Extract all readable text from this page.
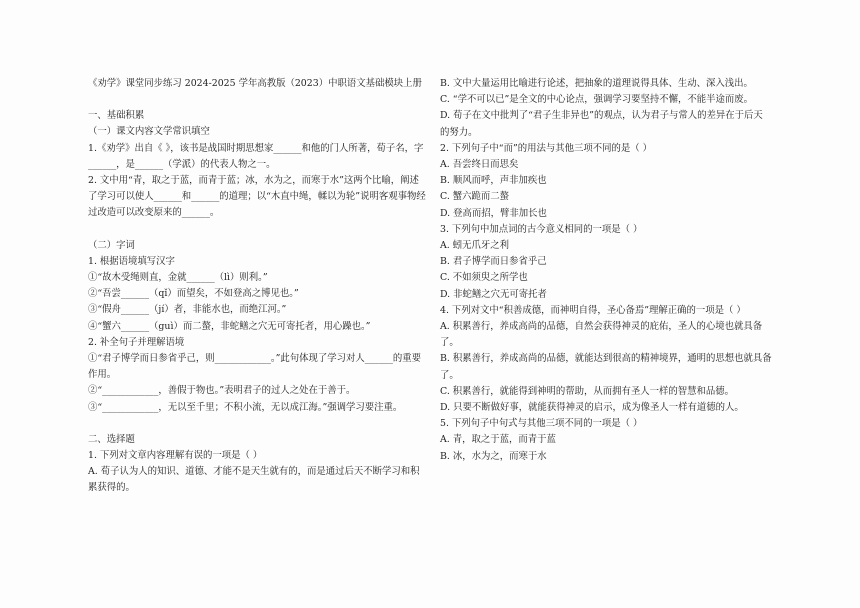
《劝学》课堂同步练习 2024-2025 学年高教版（2023）中职语文基础模块上册

一、基础积累

（一）课文内容文学常识填空

1.《劝学》出自《 》，该书是战国时期思想家______和他的门人所著，荀子名，字______，是______（学派）的代表人物之一。

2. 文中用“青，取之于蓝，而青于蓝；冰，水为之，而寒于水”这两个比喻，阐述了学习可以使人______和______的道理；以“木直中绳，輮以为轮”说明客观事物经过改造可以改变原来的______。

（二）字词

1. 根据语境填写汉字

①“故木受绳则直，金就______（lì）则利。”

②“吾尝______（qǐ）而望矣，不如登高之博见也。”

③“假舟______（jí）者，非能水也，而绝江河。”

④“蟹六______（guì）而二螯，非蛇鳝之穴无可寄托者，用心躁也。”

2. 补全句子并理解语境

①“君子博学而日参省乎己，则____________。”此句体现了学习对人______的重要作用。

②“____________，善假于物也。”表明君子的过人之处在于善于。

③“____________，无以至千里；不积小流，无以成江海。”强调学习要注重。

二、选择题

1. 下列对文章内容理解有误的一项是（ ）

A. 荀子认为人的知识、道德、才能不是天生就有的，而是通过后天不断学习和积累获得的。

B. 文中大量运用比喻进行论述，把抽象的道理说得具体、生动、深入浅出。

C. “学不可以已”是全文的中心论点，强调学习要坚持不懈，不能半途而废。

D. 荀子在文中批判了“君子生非异也”的观点，认为君子与常人的差异在于后天的努力。

2. 下列句子中“而”的用法与其他三项不同的是（ ）

A. 吾尝终日而思矣

B. 顺风而呼，声非加疾也

C. 蟹六跪而二螯

D. 登高而招，臂非加长也

3. 下列句中加点词的古今意义相同的一项是（ ）

A. 蚓无爪牙之利

B. 君子博学而日参省乎己

C. 不如须臾之所学也

D. 非蛇鳝之穴无可寄托者

4. 下列对文中“积善成德，而神明自得，圣心备焉”理解正确的一项是（ ）

A. 积累善行，养成高尚的品德，自然会获得神灵的庇佑，圣人的心境也就具备了。

B. 积累善行，养成高尚的品德，就能达到很高的精神境界，通明的思想也就具备了。

C. 积累善行，就能得到神明的帮助，从而拥有圣人一样的智慧和品德。

D. 只要不断做好事，就能获得神灵的启示，成为像圣人一样有道德的人。

5. 下列句子中句式与其他三项不同的一项是（ ）

A. 青，取之于蓝，而青于蓝

B. 冰，水为之，而寒于水
